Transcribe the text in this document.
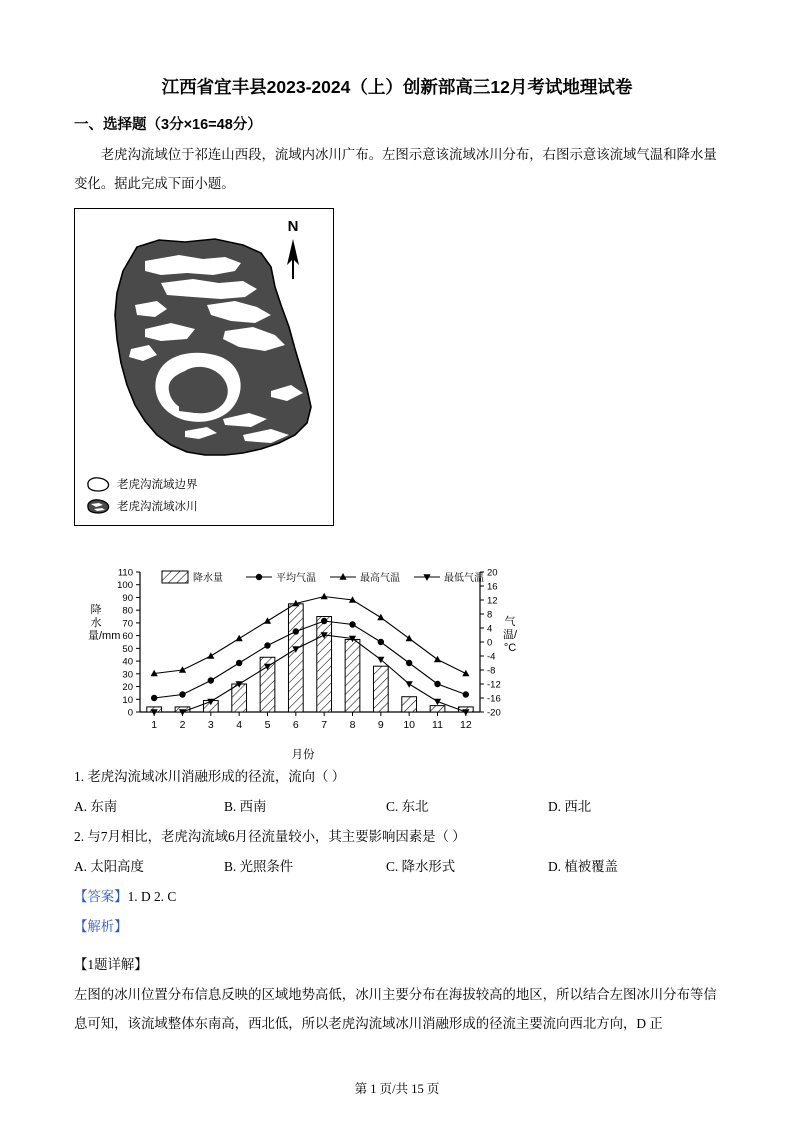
江西省宜丰县2023-2024（上）创新部高三12月考试地理试卷
一、选择题（3分×16=48分）

老虎沟流域位于祁连山西段，流域内冰川广布。左图示意该流域冰川分布，右图示意该流域气温和降水量变化。据此完成下面小题。

N
老虎沟流域边界
老虎沟流域冰川
降水量/mm
气温/°C
0
10
20
30
40
50
60
70
80
90
100
110
-20
-16
-12
-8
-4
0
4
8
12
16
20
1 2 3 4 5 6 7 8 9 10 11 12
降水量	平均气温	最高气温	最低气温
月份

1. 老虎沟流域冰川消融形成的径流，流向（ ）

A. 东南	B. 西南	C. 东北	D. 西北

2. 与7月相比，老虎沟流域6月径流量较小，其主要影响因素是（ ）

A. 太阳高度	B. 光照条件	C. 降水形式	D. 植被覆盖
【答案】1. D 2. C
【解析】
【1题详解】

左图的冰川位置分布信息反映的区域地势高低，冰川主要分布在海拔较高的地区，所以结合左图冰川分布等信息可知，该流域整体东南高，西北低，所以老虎沟流域冰川消融形成的径流主要流向西北方向，D 正

第 1 页/共 15 页
